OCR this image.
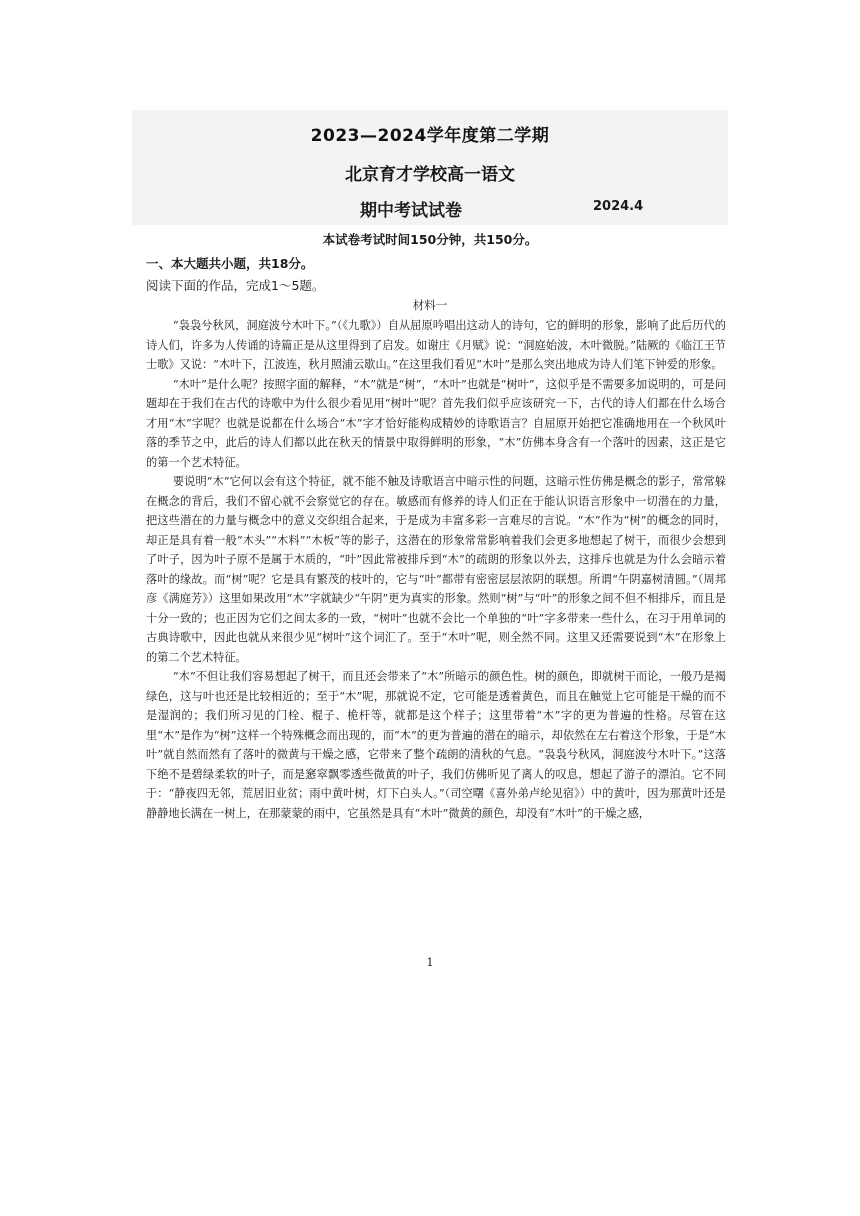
2023—2024学年度第二学期
北京育才学校高一语文
期中考试试卷	2024.4
本试卷考试时间150分钟，共150分。
一、本大题共小题，共18分。
阅读下面的作品，完成1～5题。
材料一

“袅袅兮秋风，洞庭波兮木叶下。”（《九歌》）自从屈原吟唱出这动人的诗句，它的鲜明的形象，影响了此后历代的诗人们，许多为人传诵的诗篇正是从这里得到了启发。如谢庄《月赋》说：“洞庭始波，木叶微脱。”陆厥的《临江王节士歌》又说：“木叶下，江波连，秋月照浦云歇山。”在这里我们看见“木叶”是那么突出地成为诗人们笔下钟爱的形象。

“木叶”是什么呢？按照字面的解释，“木”就是“树”，“木叶”也就是“树叶”，这似乎是不需要多加说明的，可是问题却在于我们在古代的诗歌中为什么很少看见用“树叶”呢？首先我们似乎应该研究一下，古代的诗人们都在什么场合才用“木”字呢？也就是说都在什么场合“木”字才恰好能构成精妙的诗歌语言？自屈原开始把它准确地用在一个秋风叶落的季节之中，此后的诗人们都以此在秋天的情景中取得鲜明的形象，“木”仿佛本身含有一个落叶的因素，这正是它的第一个艺术特征。

要说明“木”它何以会有这个特征，就不能不触及诗歌语言中暗示性的问题，这暗示性仿佛是概念的影子，常常躲在概念的背后，我们不留心就不会察觉它的存在。敏感而有修养的诗人们正在于能认识语言形象中一切潜在的力量，把这些潜在的力量与概念中的意义交织组合起来，于是成为丰富多彩一言难尽的言说。“木”作为“树”的概念的同时，却正是具有着一般“木头”“木料”“木板”等的影子，这潜在的形象常常影响着我们会更多地想起了树干，而很少会想到了叶子，因为叶子原不是属于木质的，“叶”因此常被排斥到“木”的疏朗的形象以外去，这排斥也就是为什么会暗示着落叶的缘故。而“树”呢？它是具有繁茂的枝叶的，它与“叶”都带有密密层层浓阴的联想。所谓“午阴嘉树清圆。”（周邦彦《满庭芳》）这里如果改用“木”字就缺少“午阴”更为真实的形象。然则“树”与“叶”的形象之间不但不相排斥，而且是十分一致的；也正因为它们之间太多的一致，“树叶”也就不会比一个单独的“叶”字多带来一些什么，在习于用单词的古典诗歌中，因此也就从来很少见“树叶”这个词汇了。至于“木叶”呢，则全然不同。这里又还需要说到“木”在形象上的第二个艺术特征。

“木”不但让我们容易想起了树干，而且还会带来了“木”所暗示的颜色性。树的颜色，即就树干而论，一般乃是褐绿色，这与叶也还是比较相近的；至于“木”呢，那就说不定，它可能是透着黄色，而且在触觉上它可能是干燥的而不是湿润的；我们所习见的门栓、棍子、桅杆等，就都是这个样子；这里带着“木”字的更为普遍的性格。尽管在这里“木”是作为“树”这样一个特殊概念而出现的，而“木”的更为普遍的潜在的暗示，却依然在左右着这个形象，于是“木叶”就自然而然有了落叶的微黄与干燥之感，它带来了整个疏朗的清秋的气息。“袅袅兮秋风，洞庭波兮木叶下。”这落下绝不是碧绿柔软的叶子，而是窸窣飘零透些微黄的叶子，我们仿佛听见了离人的叹息，想起了游子的漂泊。它不同于：“静夜四无邻，荒居旧业贫；雨中黄叶树，灯下白头人。”（司空曙《喜外弟卢纶见宿》）中的黄叶，因为那黄叶还是静静地长满在一树上，在那蒙蒙的雨中，它虽然是具有“木叶”微黄的颜色，却没有“木叶”的干燥之感，

1
